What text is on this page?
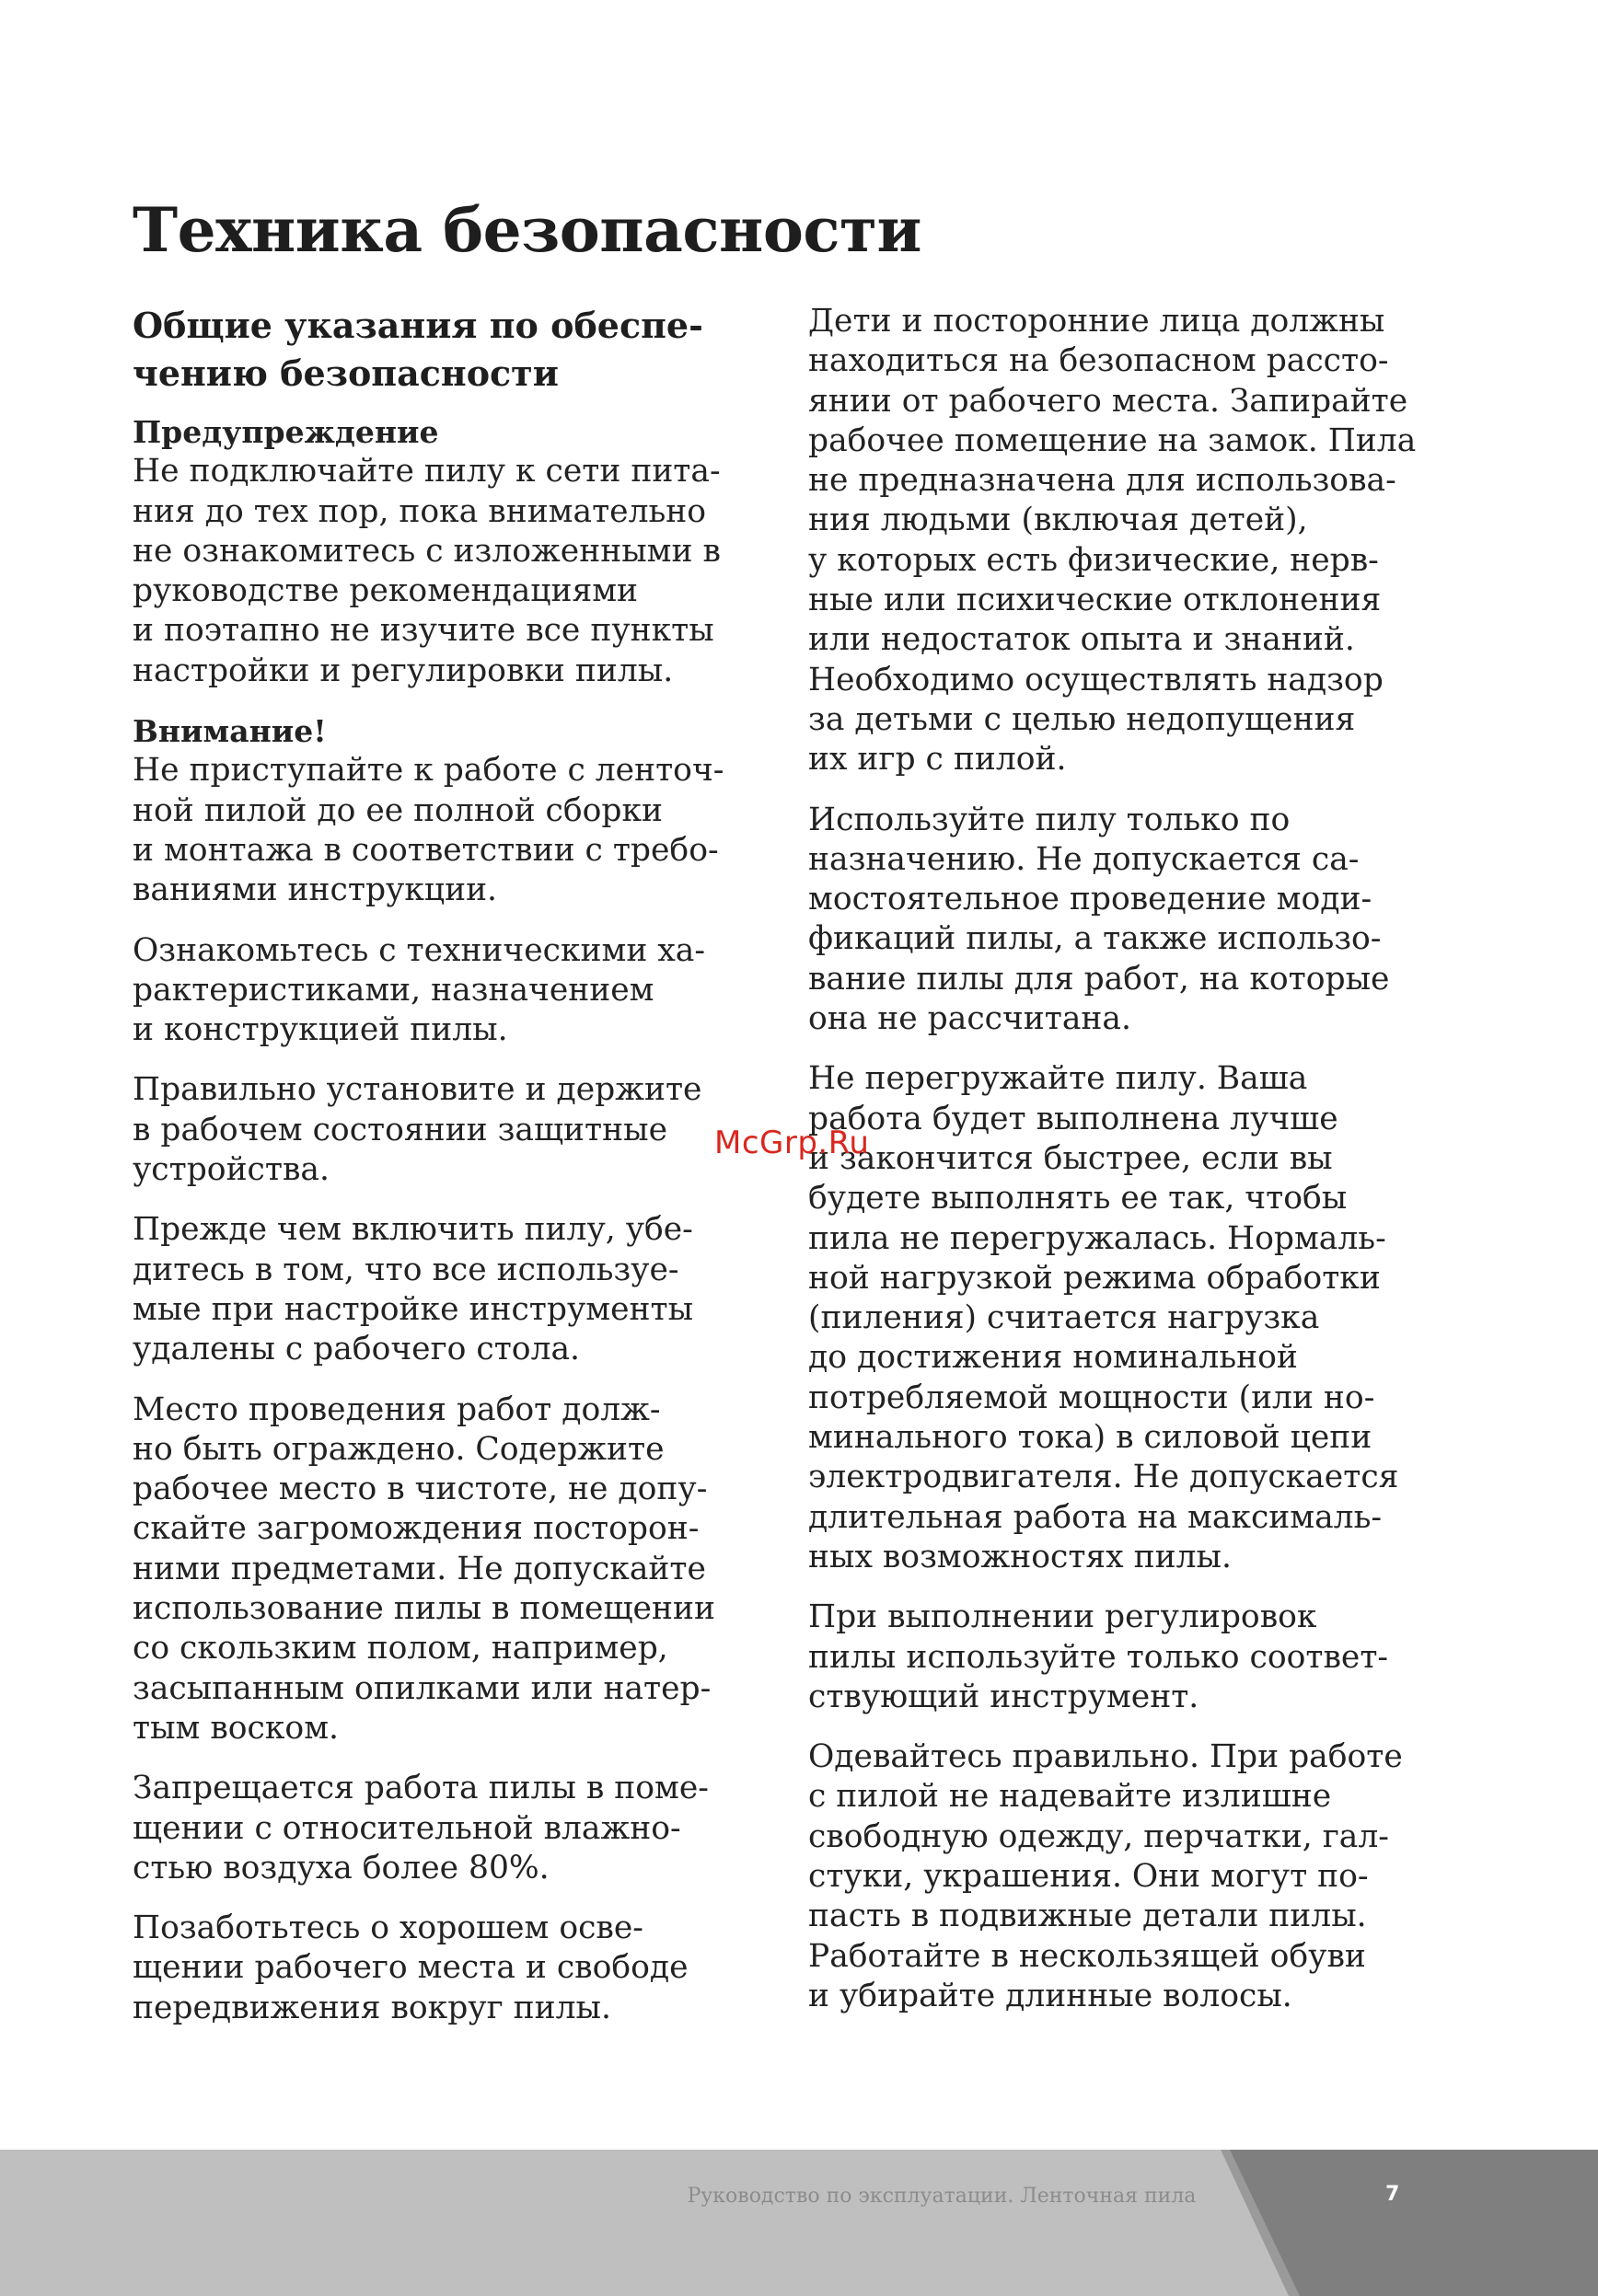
Техника безопасности
Общие указания по обеспе-
чению безопасности

Предупреждение
Не подключайте пилу к сети пита-
ния до тех пор, пока внимательно
не ознакомитесь с изложенными в
руководстве рекомендациями
и поэтапно не изучите все пункты
настройки и регулировки пилы.

Внимание!
Не приступайте к работе с ленточ-
ной пилой до ее полной сборки
и монтажа в соответствии с требо-
ваниями инструкции.

Ознакомьтесь с техническими ха-
рактеристиками, назначением
и конструкцией пилы.

Правильно установите и держите
в рабочем состоянии защитные
устройства.

Прежде чем включить пилу, убе-
дитесь в том, что все используе-
мые при настройке инструменты
удалены с рабочего стола.

Место проведения работ долж-
но быть ограждено. Содержите
рабочее место в чистоте, не допу-
скайте загромождения посторон-
ними предметами. Не допускайте
использование пилы в помещении
со скользким полом, например,
засыпанным опилками или натер-
тым воском.

Запрещается работа пилы в поме-
щении с относительной влажно-
стью воздуха более 80%.

Позаботьтесь о хорошем осве-
щении рабочего места и свободе
передвижения вокруг пилы.

Дети и посторонние лица должны
находиться на безопасном рассто-
янии от рабочего места. Запирайте
рабочее помещение на замок. Пила
не предназначена для использова-
ния людьми (включая детей),
у которых есть физические, нерв-
ные или психические отклонения
или недостаток опыта и знаний.
Необходимо осуществлять надзор
за детьми с целью недопущения
их игр с пилой.

Используйте пилу только по
назначению. Не допускается са-
мостоятельное проведение моди-
фикаций пилы, а также использо-
вание пилы для работ, на которые
она не рассчитана.

Не перегружайте пилу. Ваша
работа будет выполнена лучше
и закончится быстрее, если вы
будете выполнять ее так, чтобы
пила не перегружалась. Нормаль-
ной нагрузкой режима обработки
(пиления) считается нагрузка
до достижения номинальной
потребляемой мощности (или но-
минального тока) в силовой цепи
электродвигателя. Не допускается
длительная работа на максималь-
ных возможностях пилы.

При выполнении регулировок
пилы используйте только соответ-
ствующий инструмент.

Одевайтесь правильно. При работе
с пилой не надевайте излишне
свободную одежду, перчатки, гал-
стуки, украшения. Они могут по-
пасть в подвижные детали пилы.
Работайте в нескользящей обуви
и убирайте длинные волосы.

McGrp.Ru
Руководство по эксплуатации. Ленточная пила	7
